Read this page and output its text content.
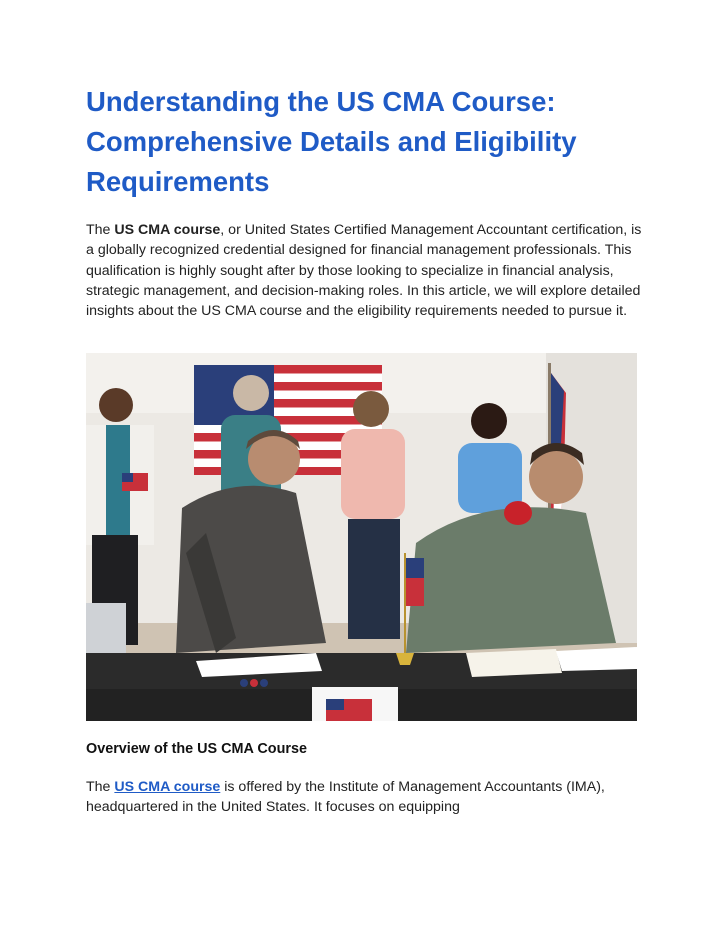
Understanding the US CMA Course: Comprehensive Details and Eligibility Requirements

The US CMA course, or United States Certified Management Accountant certification, is a globally recognized credential designed for financial management professionals. This qualification is highly sought after by those looking to specialize in financial analysis, strategic management, and decision-making roles. In this article, we will explore detailed insights about the US CMA course and the eligibility requirements needed to pursue it.

Overview of the US CMA Course

The US CMA course is offered by the Institute of Management Accountants (IMA), headquartered in the United States. It focuses on equipping
